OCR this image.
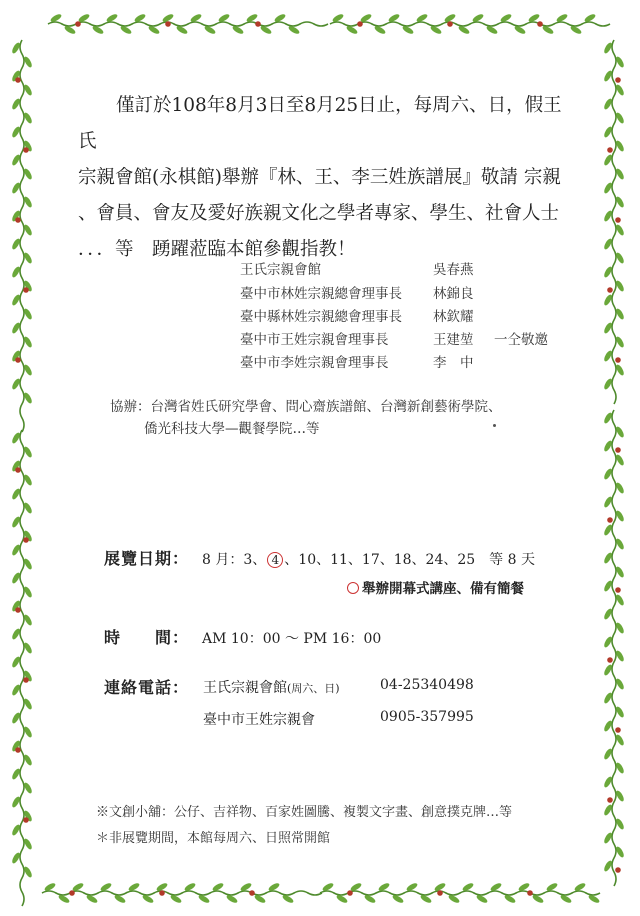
僅訂於108年8月3日至8月25日止，每周六、日，假王氏

宗親會館(永棋館)舉辦『林、王、李三姓族譜展』敬請 宗親

、會員、會友及愛好族親文化之學者專家、學生、社會人士

．．．等　踴躍蒞臨本館參觀指教！

王氏宗親會館	吳春燕
臺中市林姓宗親總會理事長 林錦良
臺中縣林姓宗親總會理事長 林欽耀
臺中市王姓宗親會理事長	王建堃 一仝敬邀
臺中市李姓宗親會理事長	李　中
協辦：台灣省姓氏研究學會、問心齋族譜館、台灣新創藝術學院、
僑光科技大學—觀餐學院…等
展覽日期： 8 月：3、 4 、10、11、17、18、24、25　等 8 天
舉辦開幕式講座、備有簡餐
時　　間： AM 10：00 ～ PM 16：00
連絡電話： 王氏宗親會館(周六、日)	04-25340498
臺中市王姓宗親會	0905-357995
※文創小舖：公仔、吉祥物、百家姓圖騰、複製文字畫、創意撲克牌…等
＊非展覽期間，本館每周六、日照常開館
